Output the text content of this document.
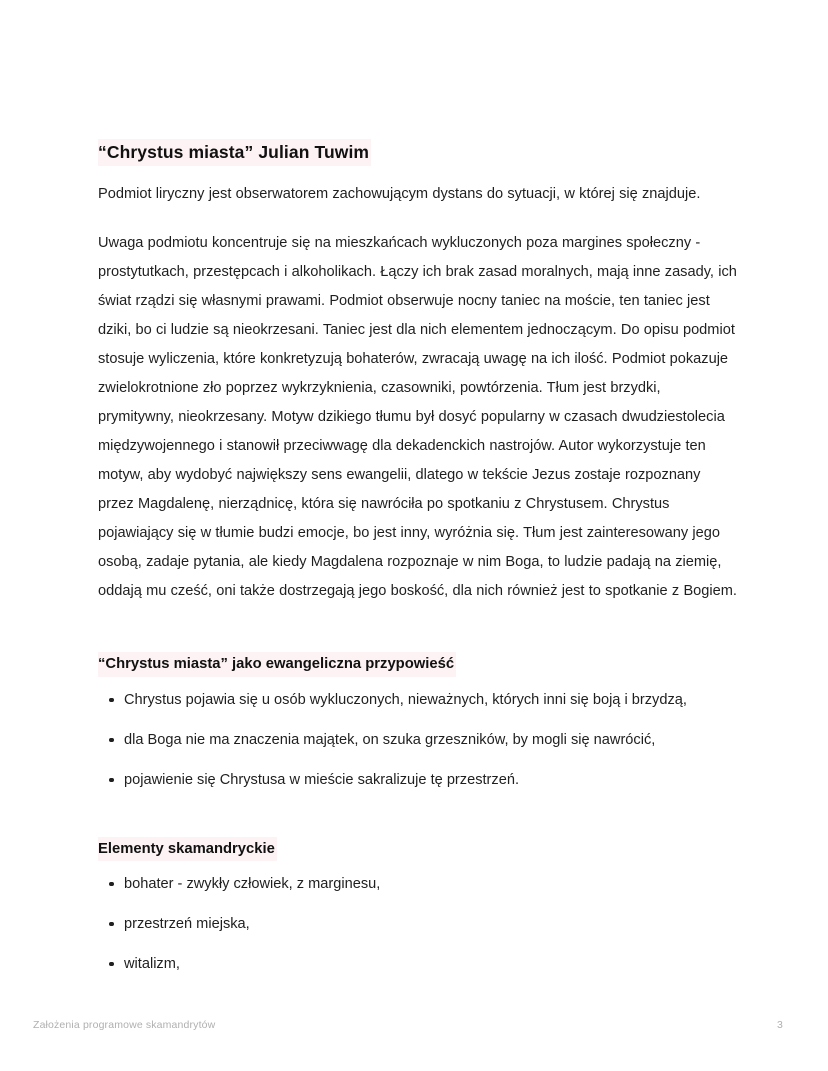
“Chrystus miasta” Julian Tuwim

Podmiot liryczny jest obserwatorem zachowującym dystans do sytuacji, w której się znajduje.

Uwaga podmiotu koncentruje się na mieszkańcach wykluczonych poza margines społeczny - prostytutkach, przestępcach i alkoholikach. Łączy ich brak zasad moralnych, mają inne zasady, ich świat rządzi się własnymi prawami. Podmiot obserwuje nocny taniec na moście, ten taniec jest dziki, bo ci ludzie są nieokrzesani. Taniec jest dla nich elementem jednoczącym. Do opisu podmiot stosuje wyliczenia, które konkretyzują bohaterów, zwracają uwagę na ich ilość. Podmiot pokazuje zwielokrotnione zło poprzez wykrzyknienia, czasowniki, powtórzenia. Tłum jest brzydki, prymitywny, nieokrzesany. Motyw dzikiego tłumu był dosyć popularny w czasach dwudziestolecia międzywojennego i stanowił przeciwwagę dla dekadenckich nastrojów. Autor wykorzystuje ten motyw, aby wydobyć największy sens ewangelii, dlatego w tekście Jezus zostaje rozpoznany przez Magdalenę, nierządnicę, która się nawróciła po spotkaniu z Chrystusem. Chrystus pojawiający się w tłumie budzi emocje, bo jest inny, wyróżnia się. Tłum jest zainteresowany jego osobą, zadaje pytania, ale kiedy Magdalena rozpoznaje w nim Boga, to ludzie padają na ziemię, oddają mu cześć, oni także dostrzegają jego boskość, dla nich również jest to spotkanie z Bogiem.

“Chrystus miasta” jako ewangeliczna przypowieść
Chrystus pojawia się u osób wykluczonych, nieważnych, których inni się boją i brzydzą,
dla Boga nie ma znaczenia majątek, on szuka grzeszników, by mogli się nawrócić,
pojawienie się Chrystusa w mieście sakralizuje tę przestrzeń.
Elementy skamandryckie
bohater - zwykły człowiek, z marginesu,
przestrzeń miejska,
witalizm,
Założenia programowe skamandrytów	3
